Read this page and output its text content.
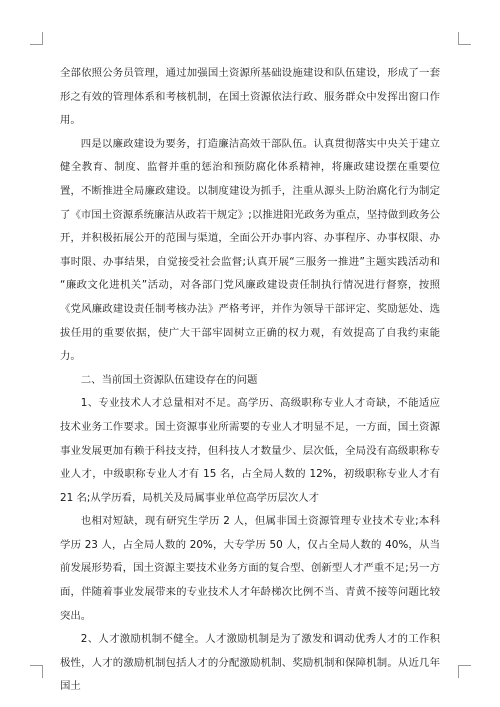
全部依照公务员管理，通过加强国土资源所基础设施建设和队伍建设，形成了一套形之有效的管理体系和考核机制，在国土资源依法行政、服务群众中发挥出窗口作用。

四是以廉政建设为要务，打造廉洁高效干部队伍。认真贯彻落实中央关于建立健全教育、制度、监督并重的惩治和预防腐化体系精神，将廉政建设摆在重要位置，不断推进全局廉政建设。以制度建设为抓手，注重从源头上防治腐化行为制定了《市国土资源系统廉洁从政若干规定》;以推进阳光政务为重点，坚持做到政务公开，并积极拓展公开的范围与渠道，全面公开办事内容、办事程序、办事权限、办事时限、办事结果，自觉接受社会监督;认真开展“三服务一推进”主题实践活动和 “廉政文化进机关”活动，对各部门党风廉政建设责任制执行情况进行督察，按照《党风廉政建设责任制考核办法》严格考评，并作为领导干部评定、奖励惩处、选拔任用的重要依据，使广大干部牢固树立正确的权力观，有效提高了自我约束能力。

二、当前国土资源队伍建设存在的问题

1、专业技术人才总量相对不足。高学历、高级职称专业人才奇缺，不能适应技术业务工作要求。国土资源事业所需要的专业人才明显不足，一方面，国土资源事业发展更加有赖于科技支持，但科技人才数量少、层次低，全局没有高级职称专业人才，中级职称专业人才有 15 名，占全局人数的 12%，初级职称专业人才有 21 名;从学历看，局机关及局属事业单位高学历层次人才

也相对短缺，现有研究生学历 2 人，但属非国土资源管理专业技术专业;本科学历 23 人，占全局人数的 20%，大专学历 50 人，仅占全局人数的 40%，从当前发展形势看，国土资源主要技术业务方面的复合型、创新型人才严重不足;另一方面，伴随着事业发展带来的专业技术人才年龄梯次比例不当、青黄不接等问题比较突出。

2、人才激励机制不健全。人才激励机制是为了激发和调动优秀人才的工作积极性，人才的激励机制包括人才的分配激励机制、奖励机制和保障机制。从近几年国土
